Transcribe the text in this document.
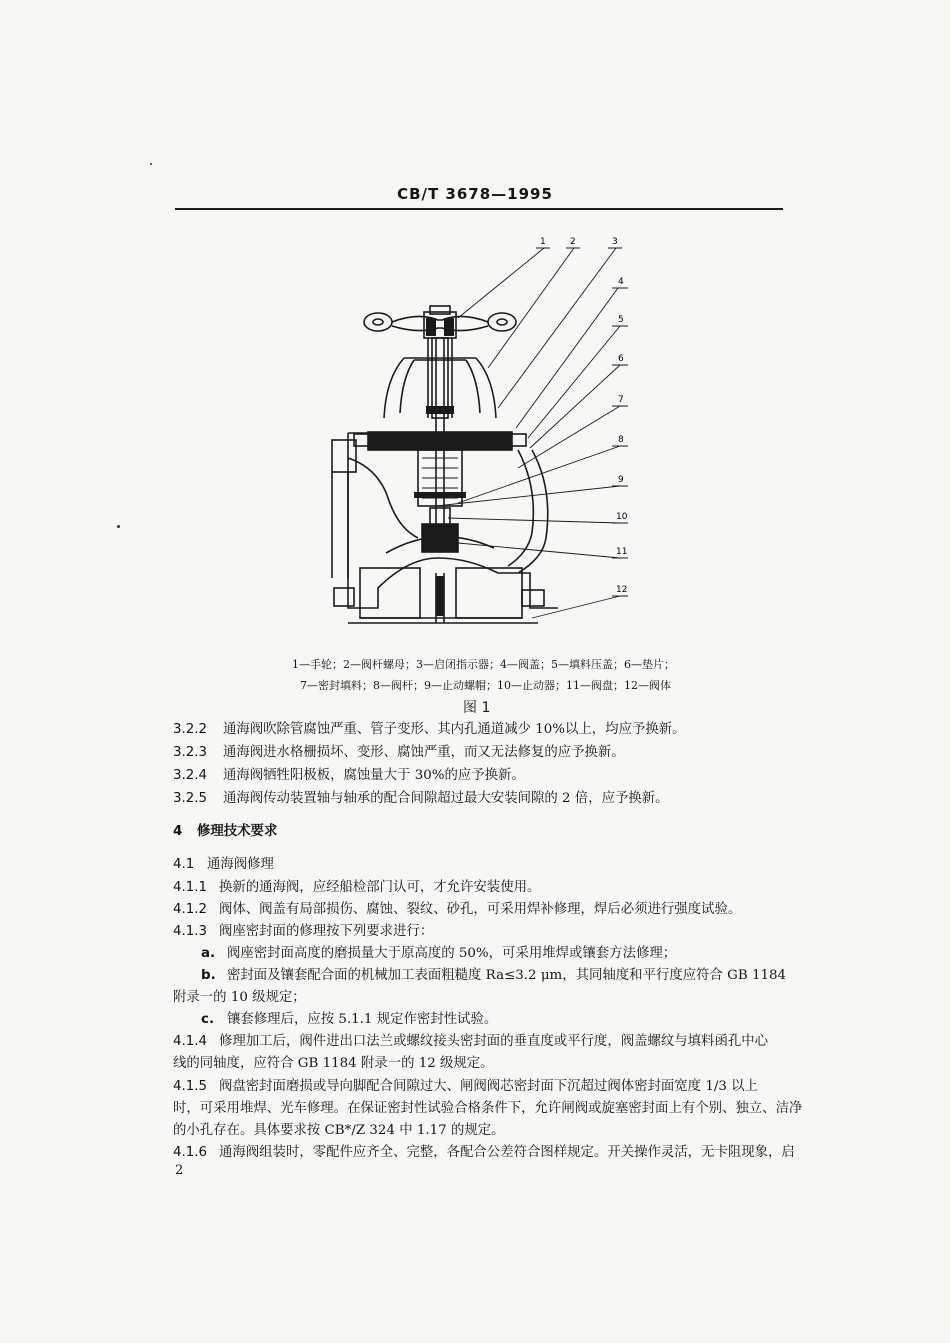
CB/T 3678—1995
1	2	3
4
5
6
7
8
9
10
11
12
1—手轮；2—阀杆螺母；3—启闭指示器；4—阀盖；5—填料压盖；6—垫片；
7—密封填料；8—阀杆；9—止动螺帽；10—止动器；11—阀盘；12—阀体
图 1
3.2.2 通海阀吹除管腐蚀严重、管子变形、其内孔通道减少 10%以上，均应予换新。
3.2.3 通海阀进水格栅损坏、变形、腐蚀严重，而又无法修复的应予换新。
3.2.4 通海阀牺牲阳极板，腐蚀量大于 30%的应予换新。
3.2.5 通海阀传动装置轴与轴承的配合间隙超过最大安装间隙的 2 倍，应予换新。
4 修理技术要求
4.1 通海阀修理
4.1.1 换新的通海阀，应经船检部门认可，才允许安装使用。
4.1.2 阀体、阀盖有局部损伤、腐蚀、裂纹、砂孔，可采用焊补修理，焊后必须进行强度试验。
4.1.3 阀座密封面的修理按下列要求进行：
a. 阀座密封面高度的磨损量大于原高度的 50%，可采用堆焊或镶套方法修理；
b. 密封面及镶套配合面的机械加工表面粗糙度 Ra≤3.2 μm，其同轴度和平行度应符合 GB 1184
附录一的 10 级规定；
c. 镶套修理后，应按 5.1.1 规定作密封性试验。
4.1.4 修理加工后，阀件进出口法兰或螺纹接头密封面的垂直度或平行度，阀盖螺纹与填料函孔中心
线的同轴度，应符合 GB 1184 附录一的 12 级规定。
4.1.5 阀盘密封面磨损或导向脚配合间隙过大、闸阀阀芯密封面下沉超过阀体密封面宽度 1/3 以上
时，可采用堆焊、光车修理。在保证密封性试验合格条件下，允许闸阀或旋塞密封面上有个别、独立、洁净
的小孔存在。具体要求按 CB*/Z 324 中 1.17 的规定。
4.1.6 通海阀组装时，零配件应齐全、完整，各配合公差符合图样规定。开关操作灵活，无卡阻现象，启
2
